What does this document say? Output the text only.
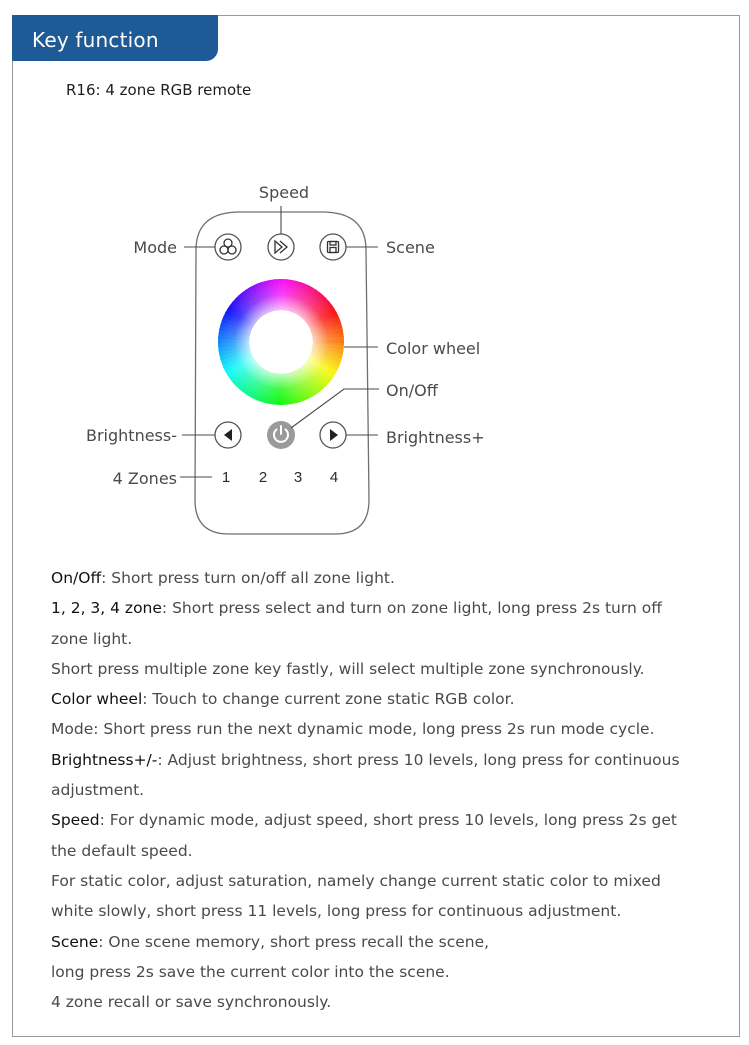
Key function
R16: 4 zone RGB remote
1 2 3 4
Speed
Mode	Scene
Color wheel
On/Off
Brightness-	Brightness+
4 Zones
On/Off: Short press turn on/off all zone light.
1, 2, 3, 4 zone: Short press select and turn on zone light, long press 2s turn off
zone light.
Short press multiple zone key fastly, will select multiple zone synchronously.
Color wheel: Touch to change current zone static RGB color.
Mode: Short press run the next dynamic mode, long press 2s run mode cycle.
Brightness+/-: Adjust brightness, short press 10 levels, long press for continuous
adjustment.
Speed: For dynamic mode, adjust speed, short press 10 levels, long press 2s get
the default speed.
For static color, adjust saturation, namely change current static color to mixed
white slowly, short press 11 levels, long press for continuous adjustment.
Scene: One scene memory, short press recall the scene,
long press 2s save the current color into the scene.
4 zone recall or save synchronously.
